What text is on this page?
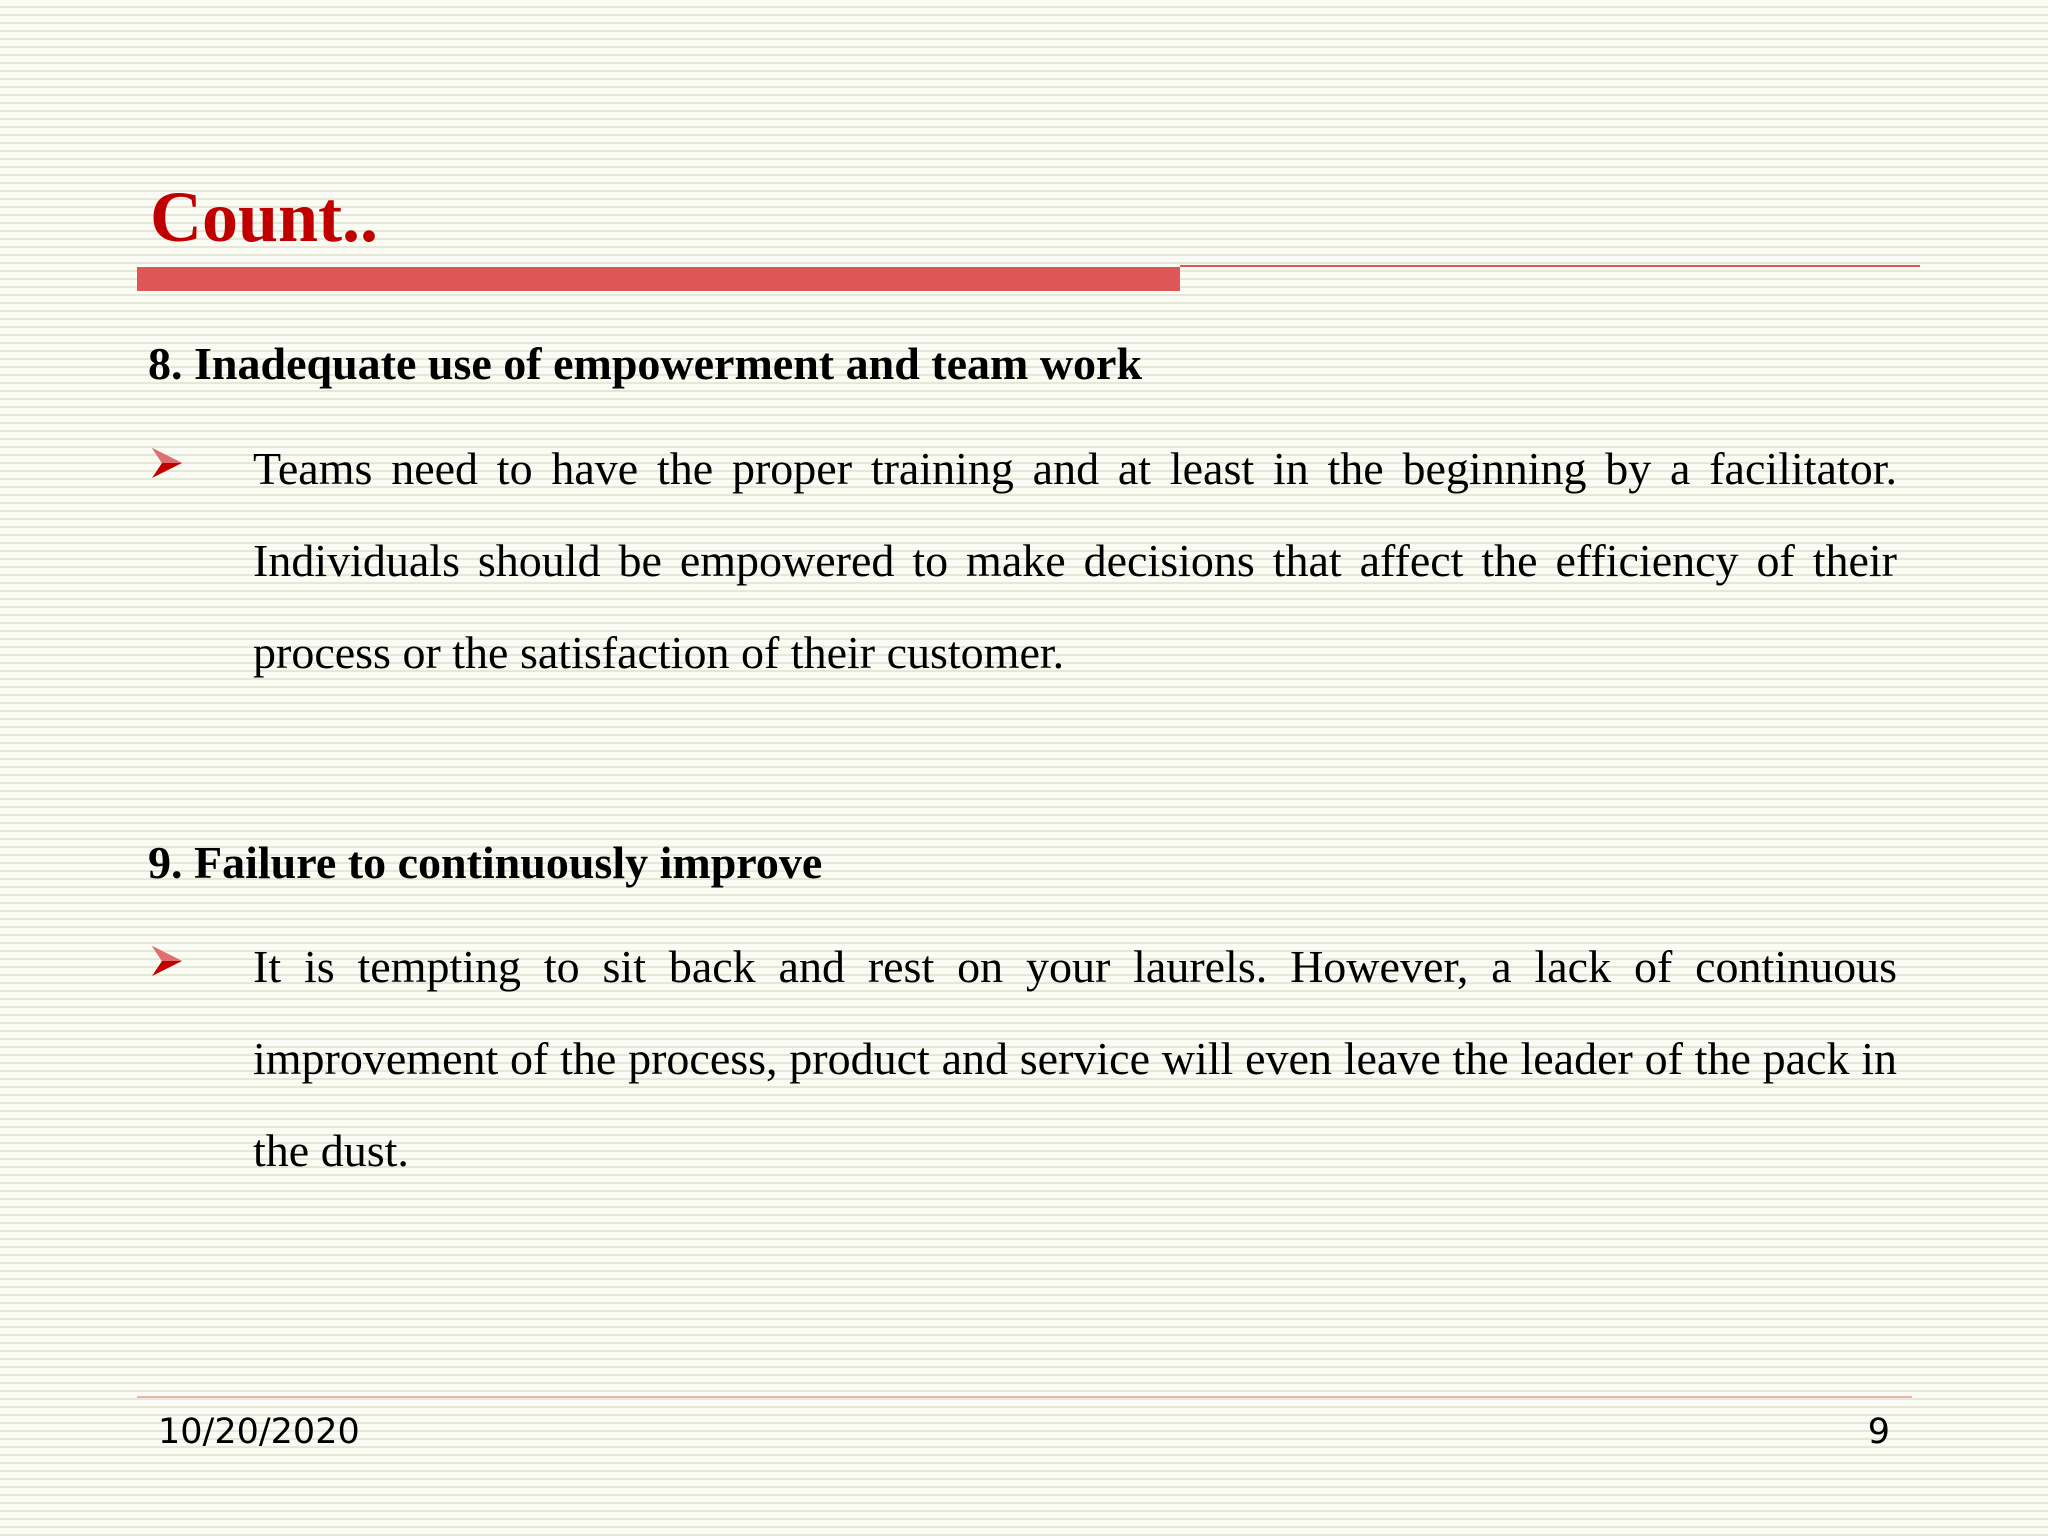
Count..
8. Inadequate use of empowerment and team work

Teams need to have the proper training and at least in the beginning by a facilitator. Individuals should be empowered to make decisions that affect the efficiency of their process or the satisfaction of their customer.

9. Failure to continuously improve

It is tempting to sit back and rest on your laurels. However, a lack of continuous improvement of the process, product and service will even leave the leader of the pack in the dust.

10/20/2020	9
